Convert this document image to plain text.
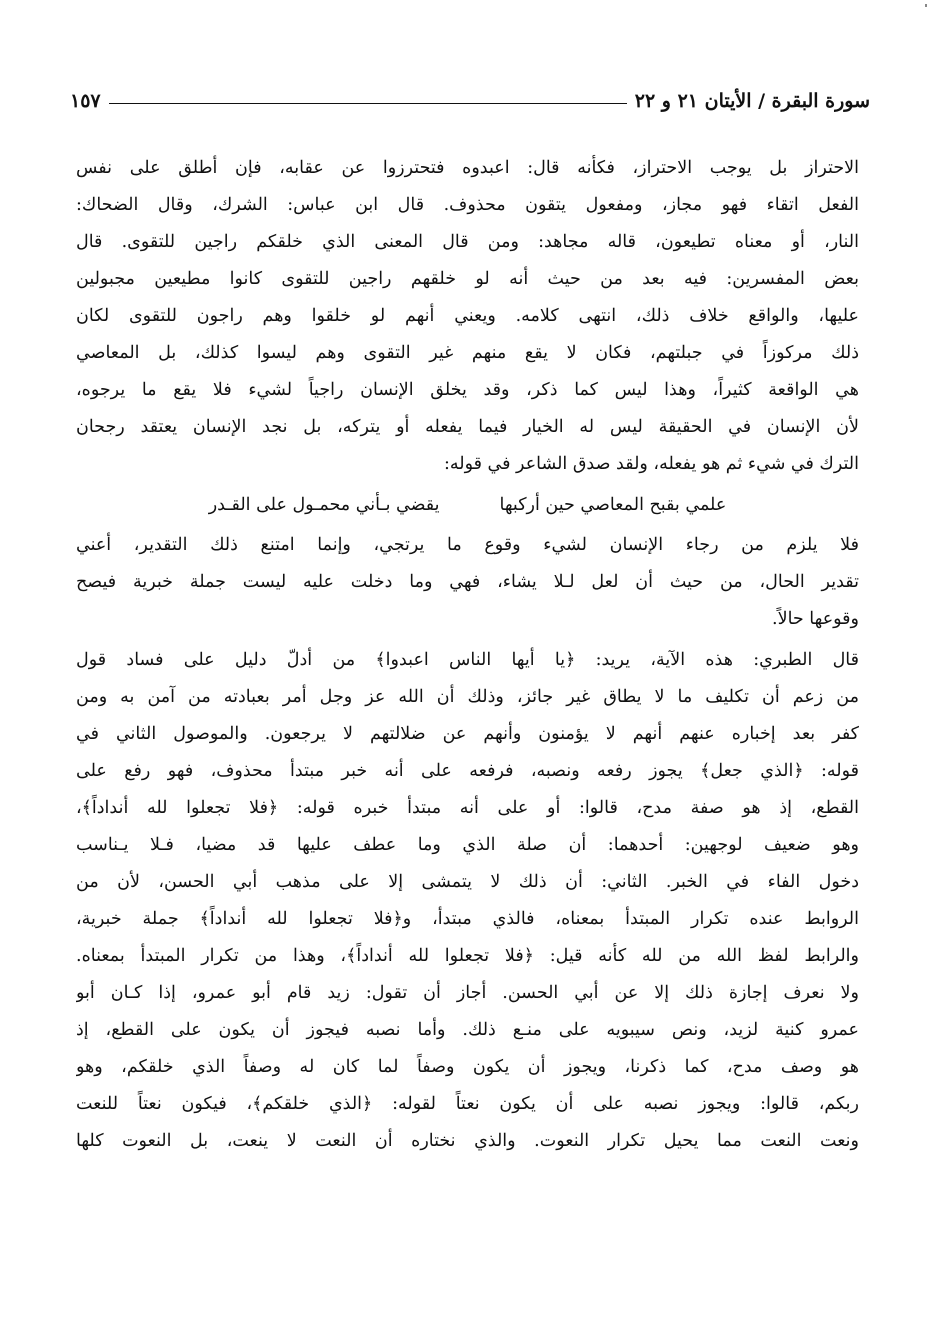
سورة البقرة / الأيتان ٢١ و ٢٢
١٥٧
الاحتراز بل يوجب الاحتراز، فكأنه قال: اعبدوه فتحترزوا عن عقابه، فإن أطلق على نفس
الفعل اتقاء فهو مجاز، ومفعول يتقون محذوف. قال ابن عباس: الشرك، وقال الضحاك:
النار، أو معناه تطيعون، قاله مجاهد: ومن قال المعنى الذي خلقكم راجين للتقوى. قال
بعض المفسرين: فيه بعد من حيث أنه لو خلقهم راجين للتقوى كانوا مطيعين مجبولين
عليها، والواقع خلاف ذلك، انتهى كلامه. ويعني أنهم لو خلقوا وهم راجون للتقوى لكان
ذلك مركوزاً في جبلتهم، فكان لا يقع منهم غير التقوى وهم ليسوا كذلك، بل المعاصي
هي الواقعة كثيراً، وهذا ليس كما ذكر، وقد يخلق الإنسان راجياً لشيء فلا يقع ما يرجوه،
لأن الإنسان في الحقيقة ليس له الخيار فيما يفعله أو يتركه، بل نجد الإنسان يعتقد رجحان
الترك في شيء ثم هو يفعله، ولقد صدق الشاعر في قوله:
علمي بقبح المعاصي حين أركبها
يقضي بـأني محمـول على القـدر
فلا يلزم من رجاء الإنسان لشيء وقوع ما يرتجي، وإنما امتنع ذلك التقدير، أعني
تقدير الحال، من حيث أن لعل لـلا يشاء، فهي وما دخلت عليه ليست جملة خبرية فيصح
وقوعها حالاً.
قال الطبري: هذه الآية، يريد: ﴿يا أيها الناس اعبدوا﴾ من أدلّ دليل على فساد قول
من زعم أن تكليف ما لا يطاق غير جائز، وذلك أن الله عز وجل أمر بعبادته من آمن به ومن
كفر بعد إخباره عنهم أنهم لا يؤمنون وأنهم عن ضلالتهم لا يرجعون. والموصول الثاني في
قوله: ﴿الذي جعل﴾ يجوز رفعه ونصبه، فرفعه على أنه خبر مبتدأ محذوف، فهو رفع على
القطع، إذ هو صفة مدح، قالوا: أو على أنه مبتدأ خبره قوله: ﴿فلا تجعلوا لله أنداداً﴾،
وهو ضعيف لوجهين: أحدهما: أن صلة الذي وما عطف عليها قد مضيا، فـلا يـناسب
دخول الفاء في الخبر. الثاني: أن ذلك لا يتمشى إلا على مذهب أبي الحسن، لأن من
الروابط عنده تكرار المبتدأ بمعناه، فالذي مبتدأ، و﴿فلا تجعلوا لله أنداداً﴾ جملة خبرية،
والرابط لفظ الله من لله كأنه قيل: ﴿فلا تجعلوا لله أنداداً﴾، وهذا من تكرار المبتدأ بمعناه.
ولا نعرف إجازة ذلك إلا عن أبي الحسن. أجاز أن تقول: زيد قام أبو عمرو، إذا كـان أبو
عمرو كنية لزيد، ونص سيبويه على منـع ذلك. وأما نصبه فيجوز أن يكون على القطع، إذ
هو وصف مدح، كما ذكرنا، ويجوز أن يكون وصفاً لما كان له وصفاً الذي خلقكم، وهو
ربكم، قالوا: ويجوز نصبه على أن يكون نعتاً لقوله: ﴿الذي خلقكم﴾، فيكون نعتاً للنعت
ونعت النعت مما يحيل تكرار النعوت. والذي نختاره أن النعت لا ينعت، بل النعوت كلها
